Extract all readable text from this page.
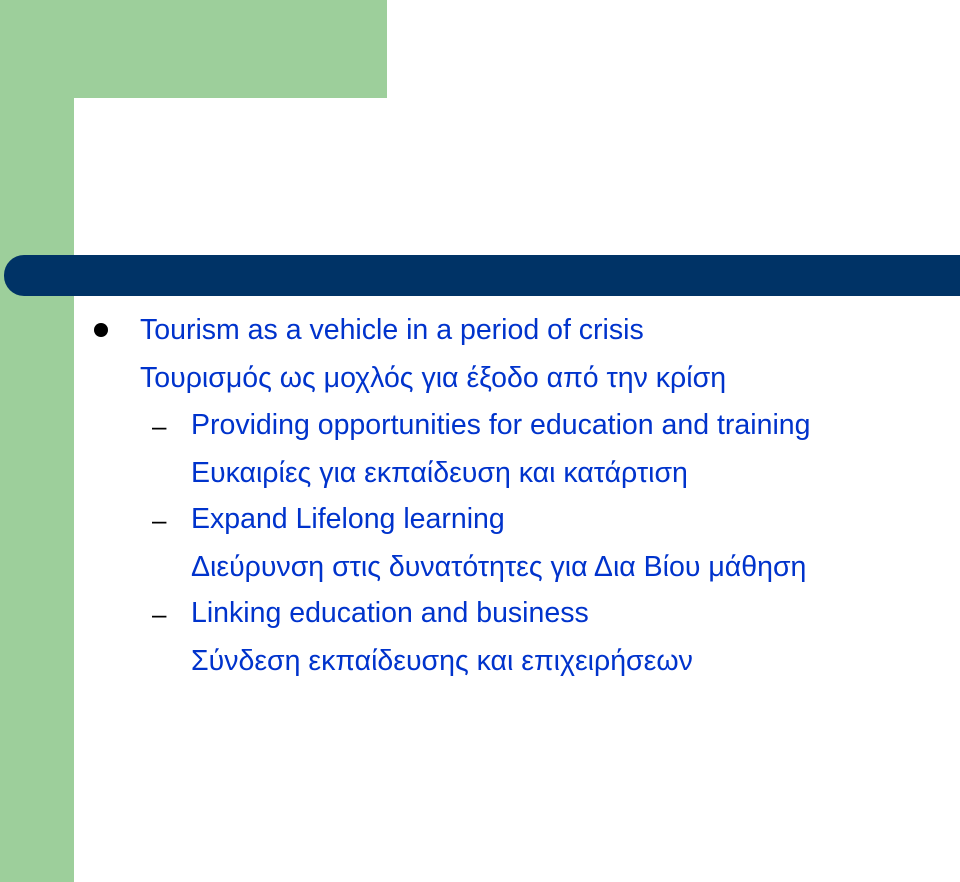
Tourism as a vehicle in a period of crisis
Τουρισμός ως μοχλός για έξοδο από την κρίση
– Providing opportunities for education and training
Ευκαιρίες για εκπαίδευση και κατάρτιση
– Expand Lifelong learning
Διεύρυνση στις δυνατότητες για Δια Βίου μάθηση
– Linking education and business
Σύνδεση εκπαίδευσης και επιχειρήσεων
